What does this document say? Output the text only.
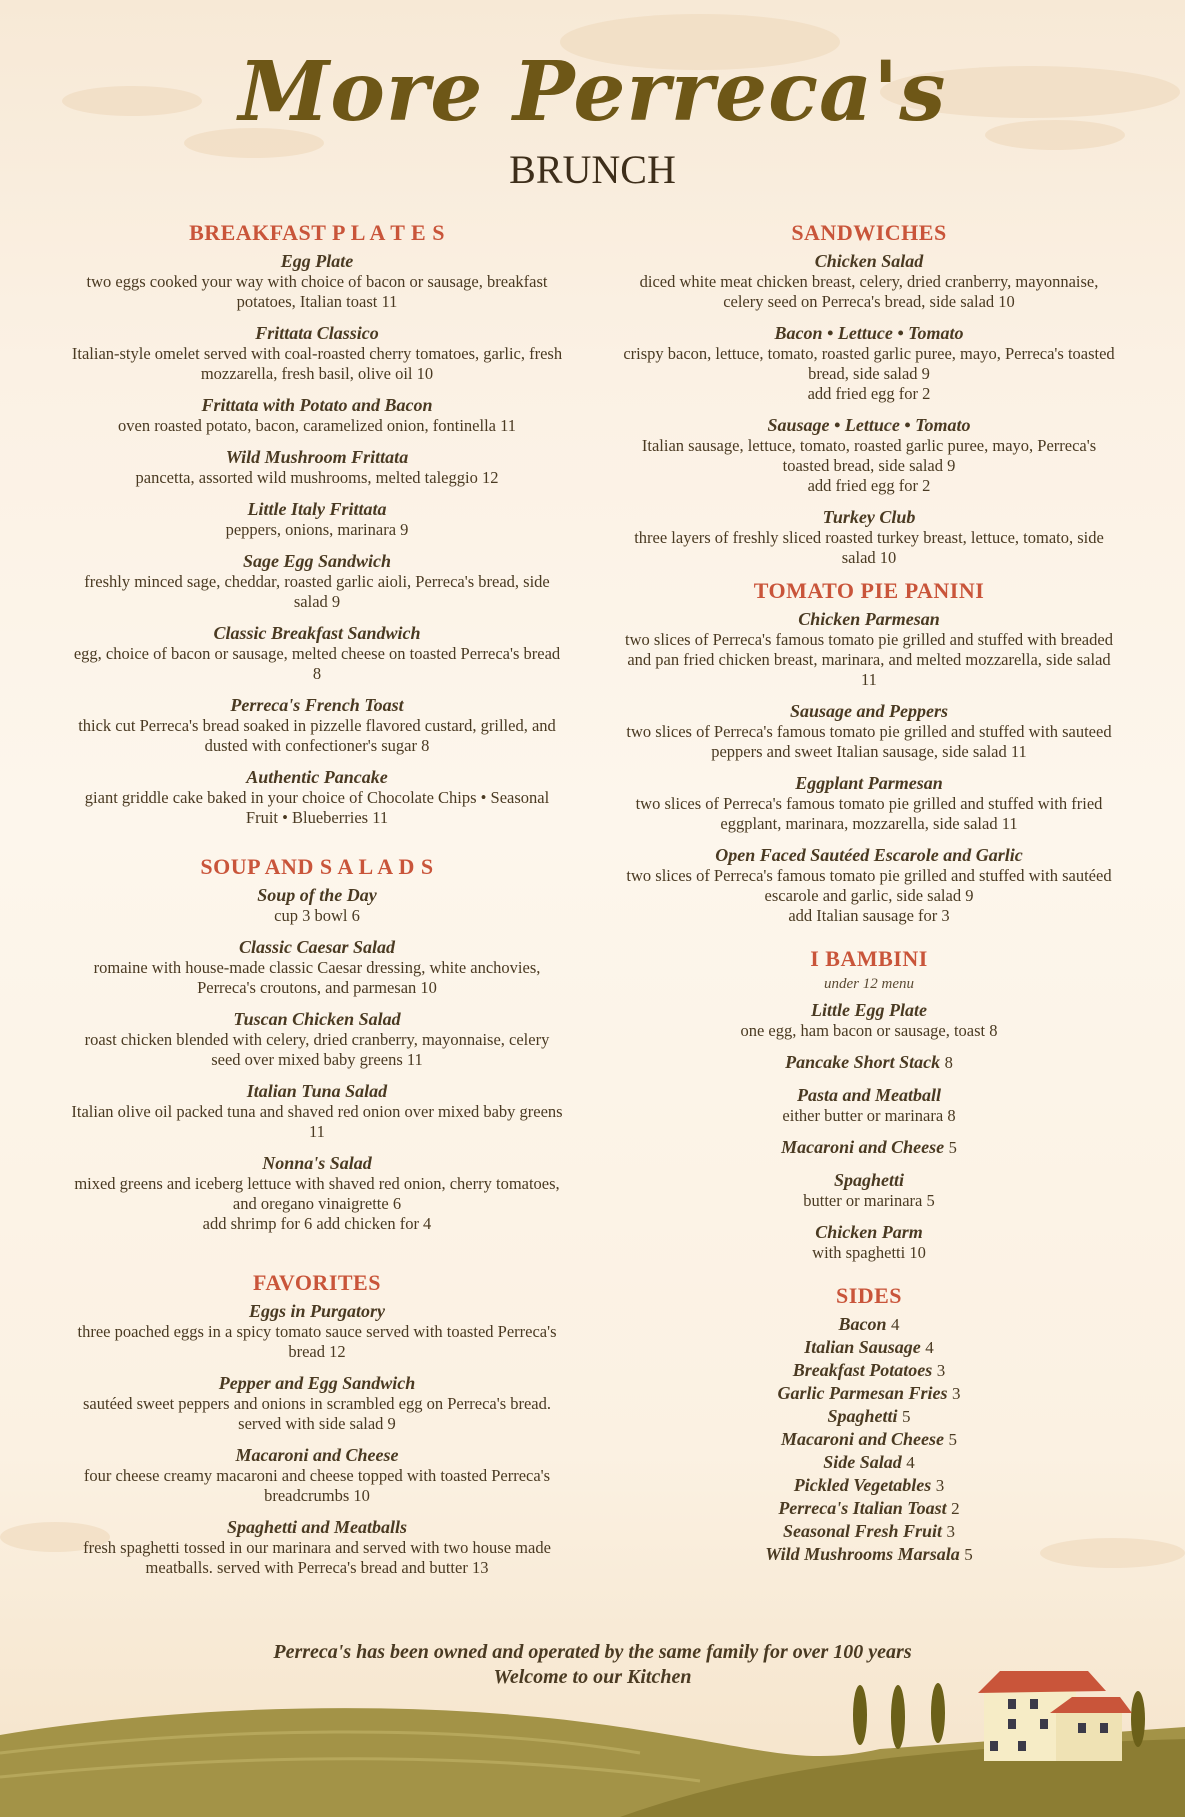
More Perreca's
BRUNCH
BREAKFAST P L A T E S
Egg Plate
two eggs cooked your way with choice of bacon or sausage, breakfast potatoes, Italian toast 11
Frittata Classico
Italian-style omelet served with coal-roasted cherry tomatoes, garlic, fresh mozzarella, fresh basil, olive oil 10
Frittata with Potato and Bacon
oven roasted potato, bacon, caramelized onion, fontinella 11
Wild Mushroom Frittata
pancetta, assorted wild mushrooms, melted taleggio 12
Little Italy Frittata
peppers, onions, marinara 9
Sage Egg Sandwich
freshly minced sage, cheddar, roasted garlic aioli, Perreca's bread, side salad 9
Classic Breakfast Sandwich
egg, choice of bacon or sausage, melted cheese on toasted Perreca's bread 8
Perreca's French Toast
thick cut Perreca's bread soaked in pizzelle flavored custard, grilled, and dusted with confectioner's sugar 8
Authentic Pancake
giant griddle cake baked in your choice of Chocolate Chips • Seasonal Fruit • Blueberries 11
SOUP AND S A L A D S
Soup of the Day
cup 3 bowl 6
Classic Caesar Salad
romaine with house-made classic Caesar dressing, white anchovies, Perreca's croutons, and parmesan 10
Tuscan Chicken Salad
roast chicken blended with celery, dried cranberry, mayonnaise, celery seed over mixed baby greens 11
Italian Tuna Salad
Italian olive oil packed tuna and shaved red onion over mixed baby greens 11
Nonna's Salad
mixed greens and iceberg lettuce with shaved red onion, cherry tomatoes, and oregano vinaigrette 6
add shrimp for 6 add chicken for 4
FAVORITES
Eggs in Purgatory
three poached eggs in a spicy tomato sauce served with toasted Perreca's bread 12
Pepper and Egg Sandwich
sautéed sweet peppers and onions in scrambled egg on Perreca's bread. served with side salad 9
Macaroni and Cheese
four cheese creamy macaroni and cheese topped with toasted Perreca's breadcrumbs 10
Spaghetti and Meatballs
fresh spaghetti tossed in our marinara and served with two house made meatballs. served with Perreca's bread and butter 13
SANDWICHES
Chicken Salad
diced white meat chicken breast, celery, dried cranberry, mayonnaise, celery seed on Perreca's bread, side salad 10
Bacon • Lettuce • Tomato
crispy bacon, lettuce, tomato, roasted garlic puree, mayo, Perreca's toasted bread, side salad 9
add fried egg for 2
Sausage • Lettuce • Tomato
Italian sausage, lettuce, tomato, roasted garlic puree, mayo, Perreca's toasted bread, side salad 9
add fried egg for 2
Turkey Club
three layers of freshly sliced roasted turkey breast, lettuce, tomato, side salad 10
TOMATO PIE PANINI
Chicken Parmesan
two slices of Perreca's famous tomato pie grilled and stuffed with breaded and pan fried chicken breast, marinara, and melted mozzarella, side salad 11
Sausage and Peppers
two slices of Perreca's famous tomato pie grilled and stuffed with sauteed peppers and sweet Italian sausage, side salad 11
Eggplant Parmesan
two slices of Perreca's famous tomato pie grilled and stuffed with fried eggplant, marinara, mozzarella, side salad 11
Open Faced Sautéed Escarole and Garlic
two slices of Perreca's famous tomato pie grilled and stuffed with sautéed escarole and garlic, side salad 9
add Italian sausage for 3
I BAMBINI
under 12 menu
Little Egg Plate
one egg, ham bacon or sausage, toast 8
Pancake Short Stack 8
Pasta and Meatball
either butter or marinara 8
Macaroni and Cheese 5
Spaghetti
butter or marinara 5
Chicken Parm
with spaghetti 10
SIDES
Bacon 4
Italian Sausage 4
Breakfast Potatoes 3
Garlic Parmesan Fries 3
Spaghetti 5
Macaroni and Cheese 5
Side Salad 4
Pickled Vegetables 3
Perreca's Italian Toast 2
Seasonal Fresh Fruit 3
Wild Mushrooms Marsala 5
Perreca's has been owned and operated by the same family for over 100 years
Welcome to our Kitchen
